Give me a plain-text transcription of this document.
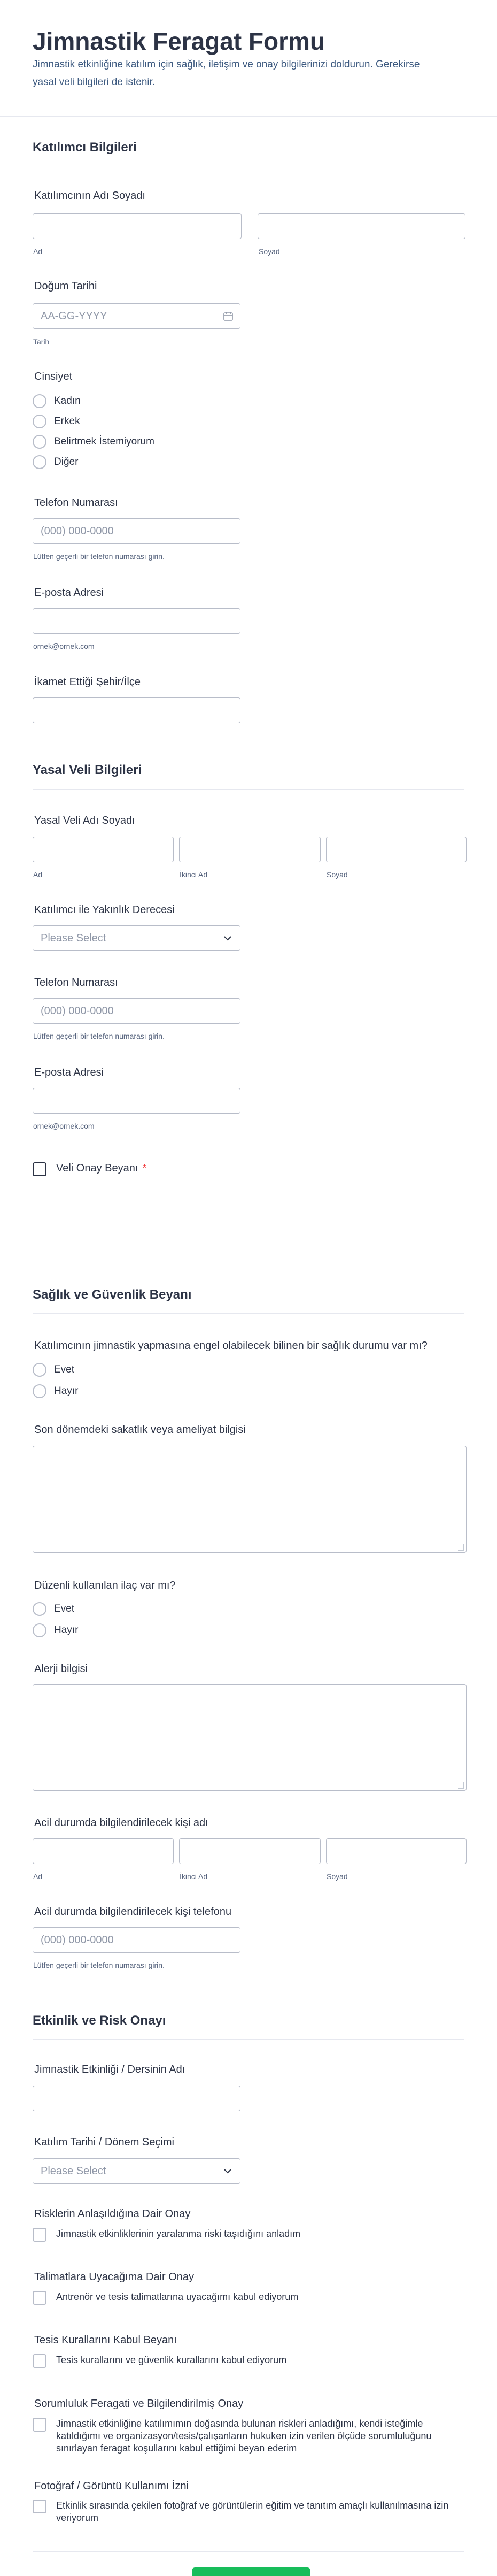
Jimnastik Feragat Formu
Jimnastik etkinliğine katılım için sağlık, iletişim ve onay bilgilerinizi doldurun. Gerekirse yasal veli bilgileri de istenir.
Katılımcı Bilgileri
Katılımcının Adı Soyadı
Ad	Soyad
Doğum Tarihi
AA-GG-YYYY
Tarih
Cinsiyet
Kadın
Erkek
Belirtmek İstemiyorum
Diğer
Telefon Numarası
(000) 000-0000
Lütfen geçerli bir telefon numarası girin.
E-posta Adresi
ornek@ornek.com
İkamet Ettiği Şehir/İlçe
Yasal Veli Bilgileri
Yasal Veli Adı Soyadı
Ad	İkinci Ad	Soyad
Katılımcı ile Yakınlık Derecesi
Please Select
Telefon Numarası
(000) 000-0000
Lütfen geçerli bir telefon numarası girin.
E-posta Adresi
ornek@ornek.com
Veli Onay Beyanı *
Sağlık ve Güvenlik Beyanı
Katılımcının jimnastik yapmasına engel olabilecek bilinen bir sağlık durumu var mı?
Evet
Hayır
Son dönemdeki sakatlık veya ameliyat bilgisi
Düzenli kullanılan ilaç var mı?
Evet
Hayır
Alerji bilgisi
Acil durumda bilgilendirilecek kişi adı
Ad	İkinci Ad	Soyad
Acil durumda bilgilendirilecek kişi telefonu
(000) 000-0000
Lütfen geçerli bir telefon numarası girin.
Etkinlik ve Risk Onayı
Jimnastik Etkinliği / Dersinin Adı
Katılım Tarihi / Dönem Seçimi
Please Select
Risklerin Anlaşıldığına Dair Onay
Jimnastik etkinliklerinin yaralanma riski taşıdığını anladım
Talimatlara Uyacağıma Dair Onay
Antrenör ve tesis talimatlarına uyacağımı kabul ediyorum
Tesis Kurallarını Kabul Beyanı
Tesis kurallarını ve güvenlik kurallarını kabul ediyorum
Sorumluluk Feragati ve Bilgilendirilmiş Onay
Jimnastik etkinliğine katılımımın doğasında bulunan riskleri anladığımı, kendi isteğimle katıldığımı ve organizasyon/tesis/çalışanların hukuken izin verilen ölçüde sorumluluğunu sınırlayan feragat koşullarını kabul ettiğimi beyan ederim
Fotoğraf / Görüntü Kullanımı İzni
Etkinlik sırasında çekilen fotoğraf ve görüntülerin eğitim ve tanıtım amaçlı kullanılmasına izin veriyorum
